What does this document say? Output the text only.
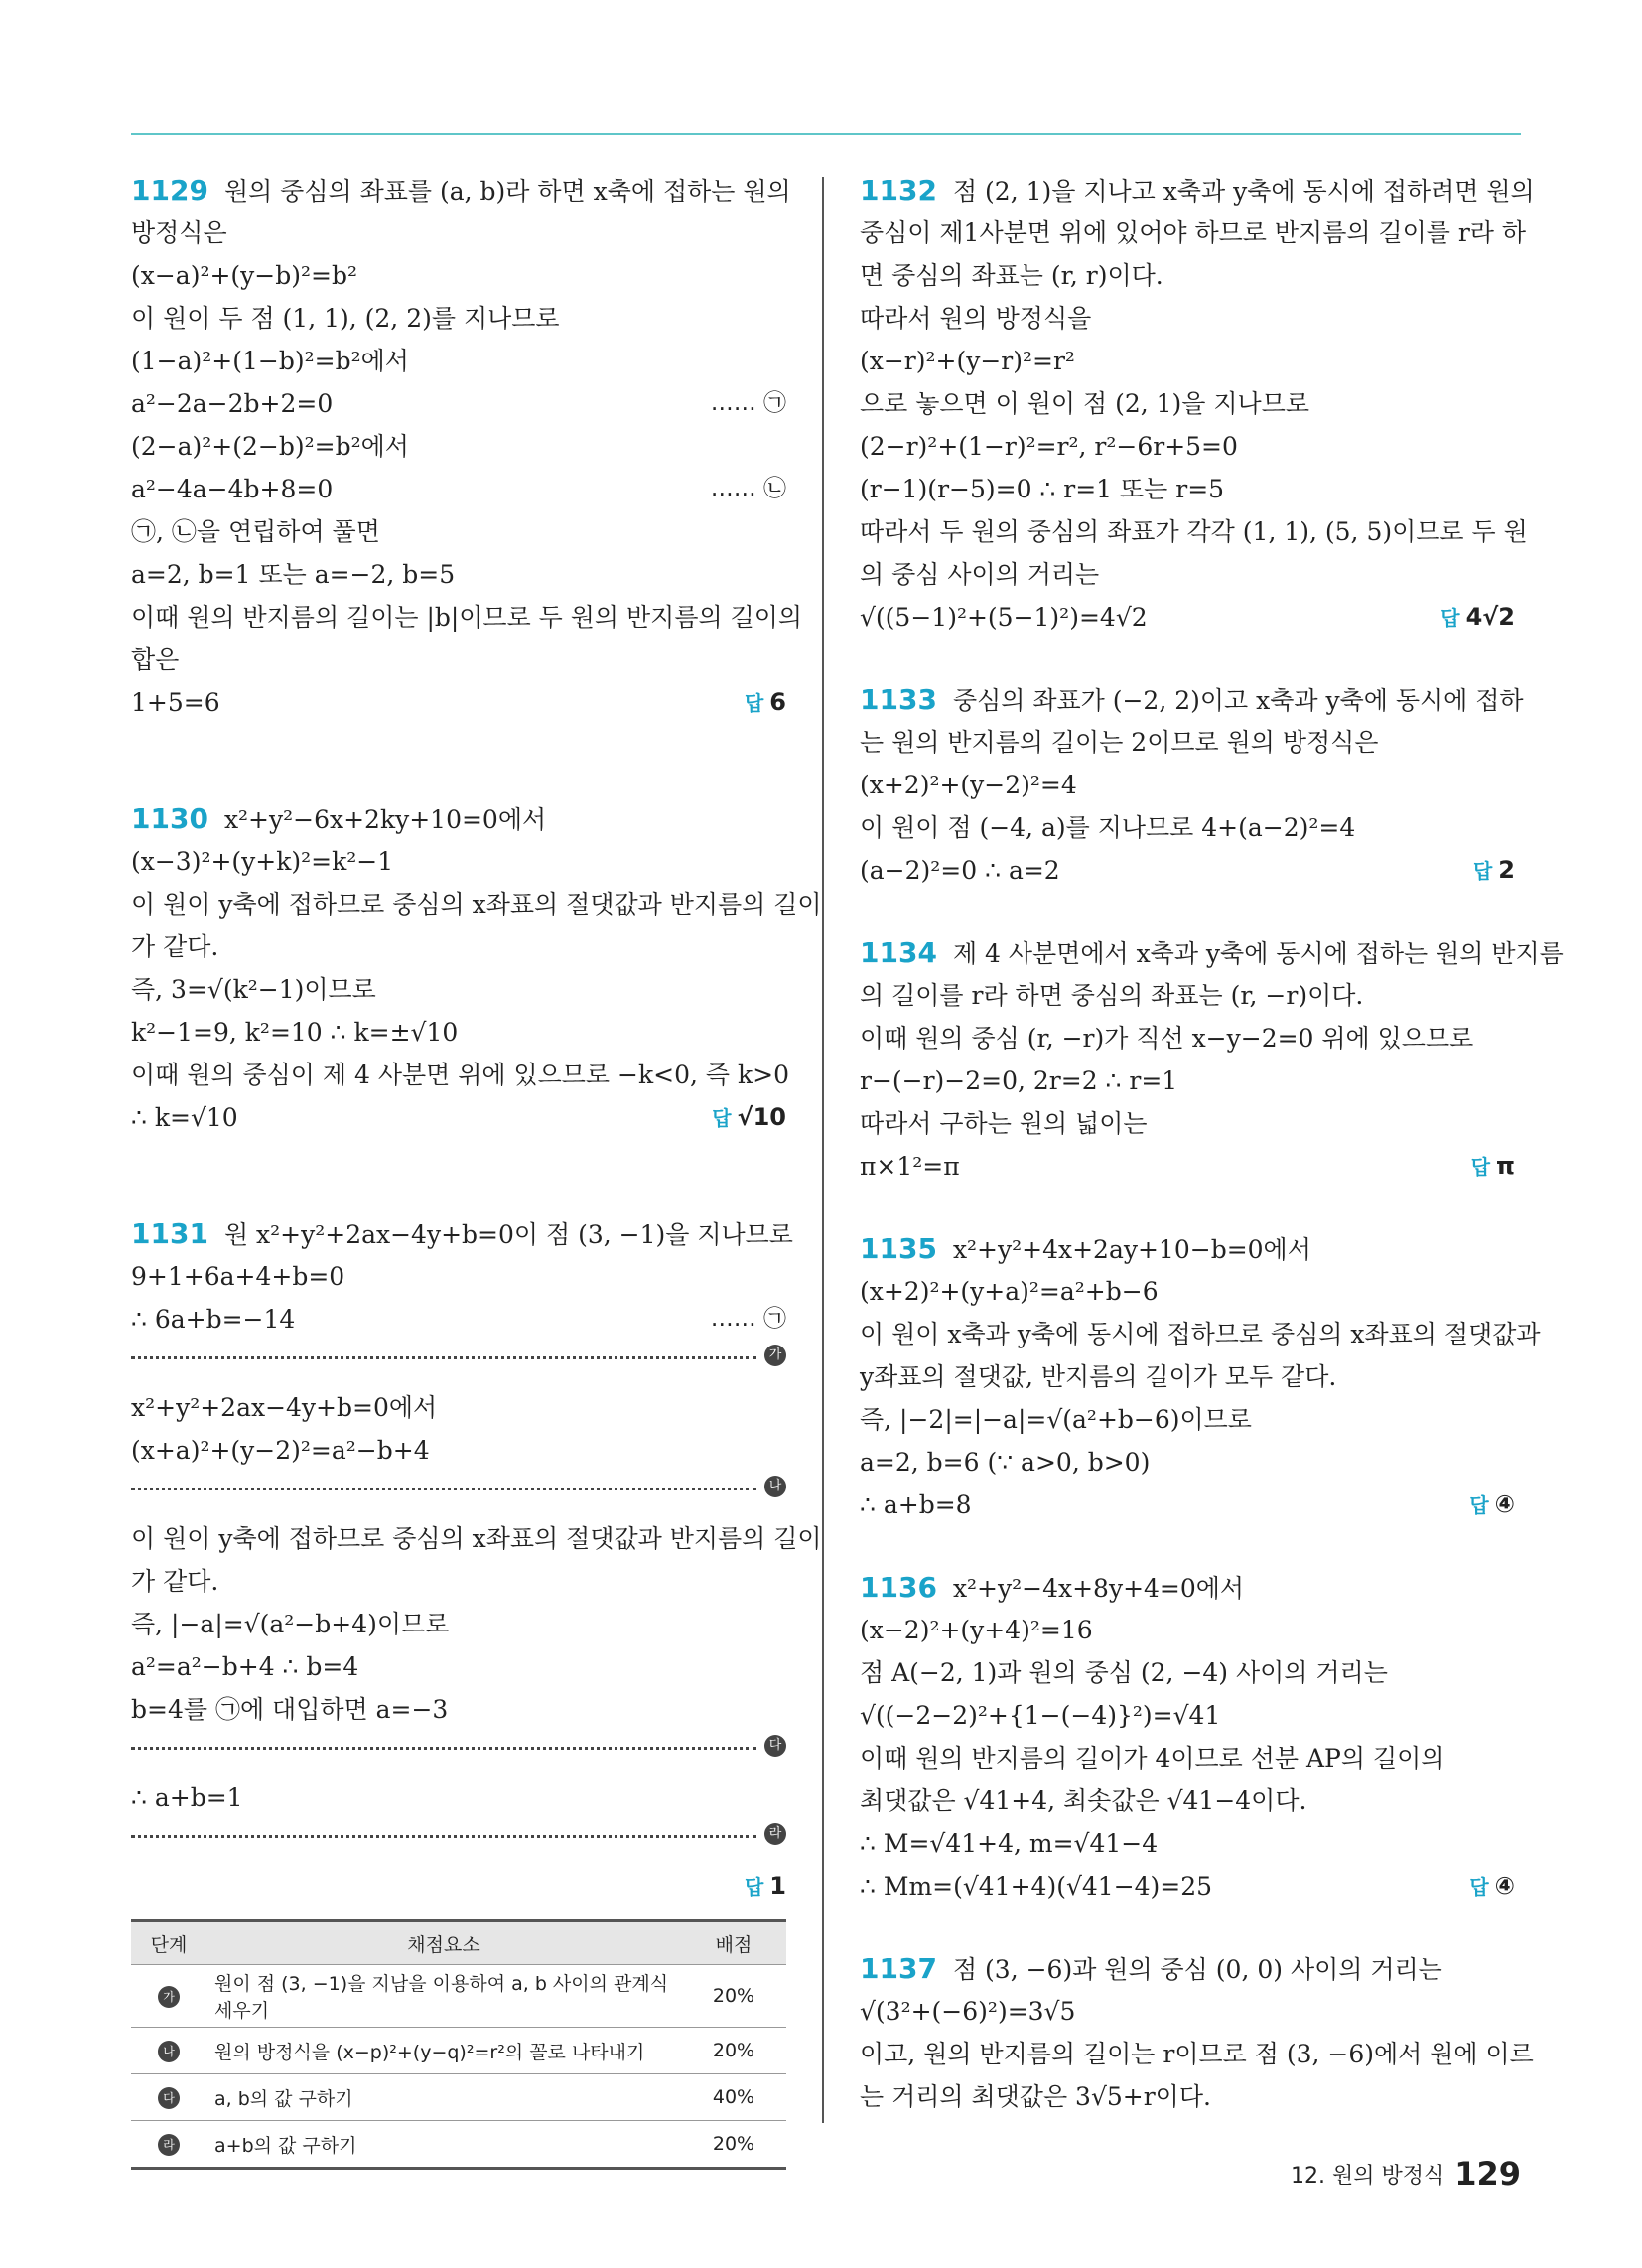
1129 원의 중심의 좌표를 (a, b)라 하면 x축에 접하는 원의
방정식은
(x−a)²+(y−b)²=b²
이 원이 두 점 (1, 1), (2, 2)를 지나므로
(1−a)²+(1−b)²=b²에서
a²−2a−2b+2=0	…… ㉠
(2−a)²+(2−b)²=b²에서
a²−4a−4b+8=0	…… ㉡
㉠, ㉡을 연립하여 풀면
a=2, b=1 또는 a=−2, b=5
이때 원의 반지름의 길이는 |b|이므로 두 원의 반지름의 길이의
합은
1+5=6	답 6
1130 x²+y²−6x+2ky+10=0에서
(x−3)²+(y+k)²=k²−1
이 원이 y축에 접하므로 중심의 x좌표의 절댓값과 반지름의 길이
가 같다.
즉, 3=√(k²−1)이므로
k²−1=9, k²=10 ∴ k=±√10
이때 원의 중심이 제 4 사분면 위에 있으므로 −k<0, 즉 k>0
∴ k=√10	답 √10
1131 원 x²+y²+2ax−4y+b=0이 점 (3, −1)을 지나므로
9+1+6a+4+b=0
∴ 6a+b=−14	…… ㉠
가
x²+y²+2ax−4y+b=0에서
(x+a)²+(y−2)²=a²−b+4
나
이 원이 y축에 접하므로 중심의 x좌표의 절댓값과 반지름의 길이
가 같다.
즉, |−a|=√(a²−b+4)이므로
a²=a²−b+4 ∴ b=4
b=4를 ㉠에 대입하면 a=−3
다
∴ a+b=1
라
답 1
단계	채점요소	배점
가	원이 점 (3, −1)을 지남을 이용하여 a, b 사이의 관계식 세우기	20%
나	원의 방정식을 (x−p)²+(y−q)²=r²의 꼴로 나타내기	20%
다	a, b의 값 구하기	40%
라	a+b의 값 구하기	20%
1132 점 (2, 1)을 지나고 x축과 y축에 동시에 접하려면 원의
중심이 제1사분면 위에 있어야 하므로 반지름의 길이를 r라 하
면 중심의 좌표는 (r, r)이다.
따라서 원의 방정식을
(x−r)²+(y−r)²=r²
으로 놓으면 이 원이 점 (2, 1)을 지나므로
(2−r)²+(1−r)²=r², r²−6r+5=0
(r−1)(r−5)=0 ∴ r=1 또는 r=5
따라서 두 원의 중심의 좌표가 각각 (1, 1), (5, 5)이므로 두 원
의 중심 사이의 거리는
√((5−1)²+(5−1)²)=4√2	답 4√2
1133 중심의 좌표가 (−2, 2)이고 x축과 y축에 동시에 접하
는 원의 반지름의 길이는 2이므로 원의 방정식은
(x+2)²+(y−2)²=4
이 원이 점 (−4, a)를 지나므로 4+(a−2)²=4
(a−2)²=0 ∴ a=2	답 2
1134 제 4 사분면에서 x축과 y축에 동시에 접하는 원의 반지름
의 길이를 r라 하면 중심의 좌표는 (r, −r)이다.
이때 원의 중심 (r, −r)가 직선 x−y−2=0 위에 있으므로
r−(−r)−2=0, 2r=2 ∴ r=1
따라서 구하는 원의 넓이는
π×1²=π	답 π
1135 x²+y²+4x+2ay+10−b=0에서
(x+2)²+(y+a)²=a²+b−6
이 원이 x축과 y축에 동시에 접하므로 중심의 x좌표의 절댓값과
y좌표의 절댓값, 반지름의 길이가 모두 같다.
즉, |−2|=|−a|=√(a²+b−6)이므로
a=2, b=6 (∵ a>0, b>0)
∴ a+b=8	답 ④
1136 x²+y²−4x+8y+4=0에서
(x−2)²+(y+4)²=16
점 A(−2, 1)과 원의 중심 (2, −4) 사이의 거리는
√((−2−2)²+{1−(−4)}²)=√41
이때 원의 반지름의 길이가 4이므로 선분 AP의 길이의
최댓값은 √41+4, 최솟값은 √41−4이다.
∴ M=√41+4, m=√41−4
∴ Mm=(√41+4)(√41−4)=25	답 ④
1137 점 (3, −6)과 원의 중심 (0, 0) 사이의 거리는
√(3²+(−6)²)=3√5
이고, 원의 반지름의 길이는 r이므로 점 (3, −6)에서 원에 이르
는 거리의 최댓값은 3√5+r이다.
12. 원의 방정식 129
